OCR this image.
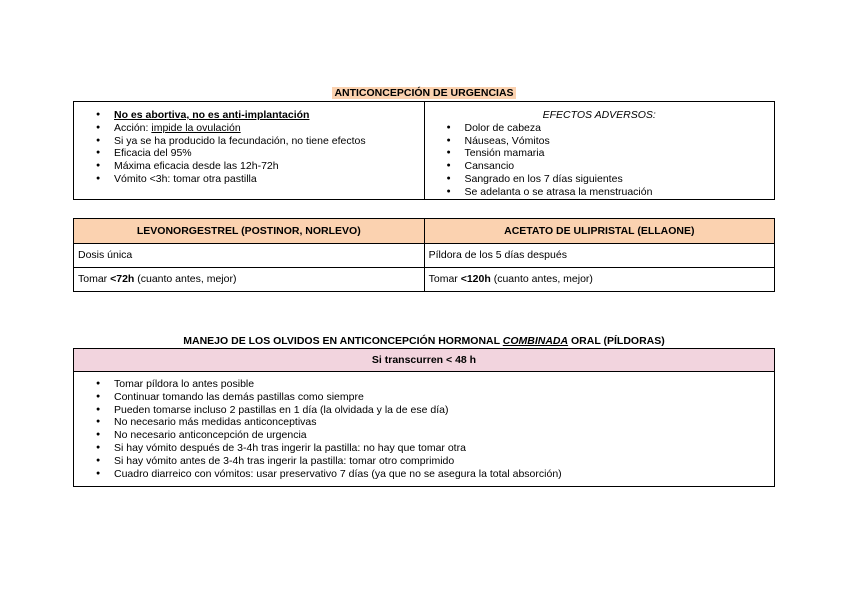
ANTICONCEPCIÓN DE URGENCIAS
● No es abortiva, no es anti-implantación
● Acción: impide la ovulación
● Si ya se ha producido la fecundación, no tiene efectos
● Eficacia del 95%
● Máxima eficacia desde las 12h-72h
● Vómito <3h: tomar otra pastilla

EFECTOS ADVERSOS:
● Dolor de cabeza
● Náuseas, Vómitos
● Tensión mamaria
● Cansancio
● Sangrado en los 7 días siguientes
● Se adelanta o se atrasa la menstruación
LEVONORGESTREL (POSTINOR, NORLEVO)	ACETATO DE ULIPRISTAL (ELLAONE)
Dosis única	Píldora de los 5 días después
Tomar <72h (cuanto antes, mejor)	Tomar <120h (cuanto antes, mejor)
MANEJO DE LOS OLVIDOS EN ANTICONCEPCIÓN HORMONAL COMBINADA ORAL (PÍLDORAS)
Si transcurren < 48 h

● Tomar píldora lo antes posible
● Continuar tomando las demás pastillas como siempre
● Pueden tomarse incluso 2 pastillas en 1 día (la olvidada y la de ese día)
● No necesario más medidas anticonceptivas
● No necesario anticoncepción de urgencia
● Si hay vómito después de 3-4h tras ingerir la pastilla: no hay que tomar otra
● Si hay vómito antes de 3-4h tras ingerir la pastilla: tomar otro comprimido
● Cuadro diarreico con vómitos: usar preservativo 7 días (ya que no se asegura la total absorción)
